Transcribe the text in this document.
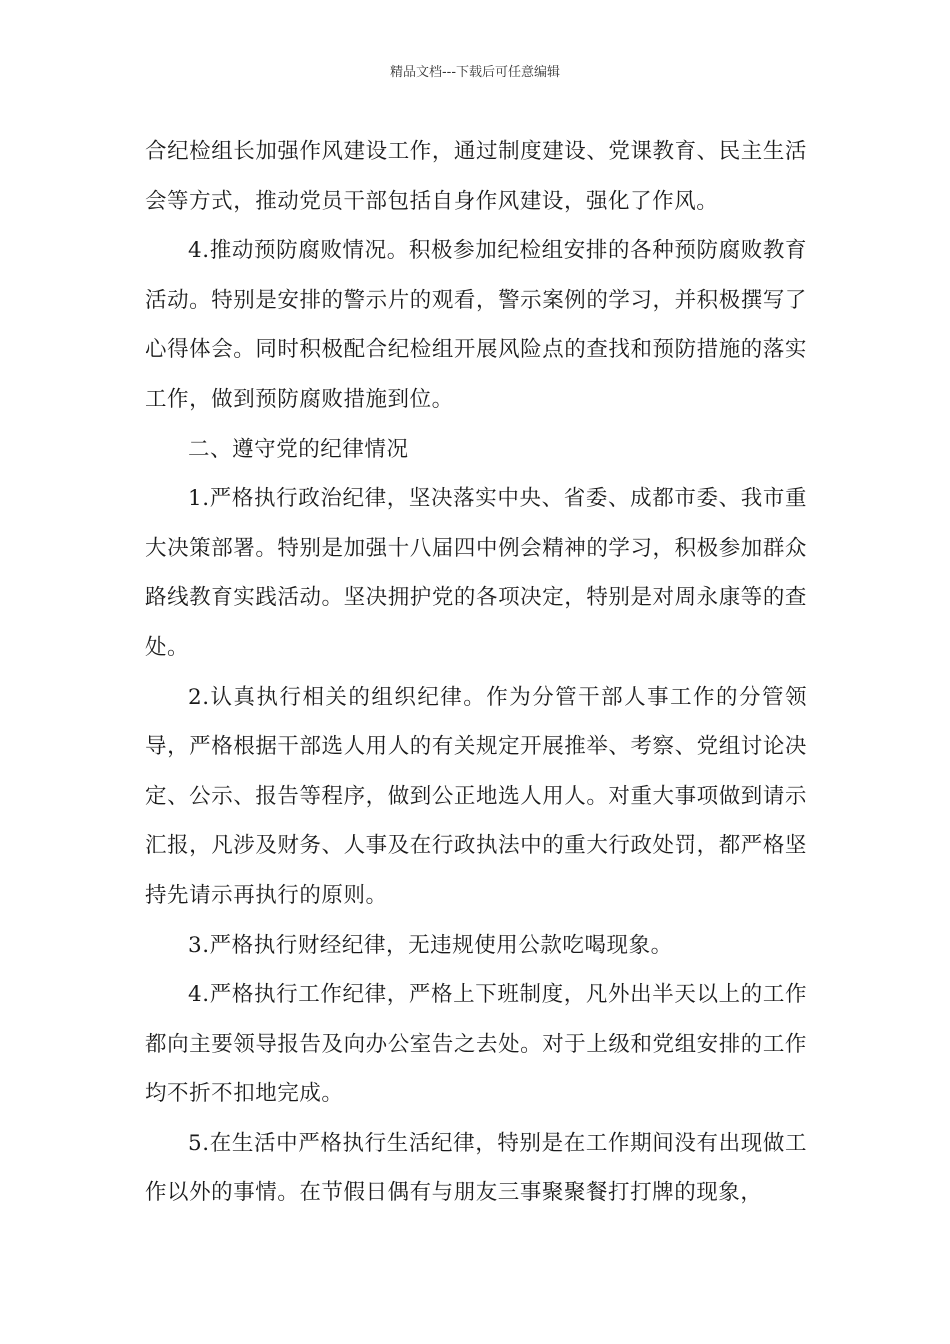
精品文档---下载后可任意编辑

合纪检组长加强作风建设工作，通过制度建设、党课教育、民主生活会等方式，推动党员干部包括自身作风建设，强化了作风。

4.推动预防腐败情况。积极参加纪检组安排的各种预防腐败教育活动。特别是安排的警示片的观看，警示案例的学习，并积极撰写了心得体会。同时积极配合纪检组开展风险点的查找和预防措施的落实工作，做到预防腐败措施到位。

二、遵守党的纪律情况

1.严格执行政治纪律，坚决落实中央、省委、成都市委、我市重大决策部署。特别是加强十八届四中例会精神的学习，积极参加群众路线教育实践活动。坚决拥护党的各项决定，特别是对周永康等的查处。

2.认真执行相关的组织纪律。作为分管干部人事工作的分管领导，严格根据干部选人用人的有关规定开展推举、考察、党组讨论决定、公示、报告等程序，做到公正地选人用人。对重大事项做到请示汇报，凡涉及财务、人事及在行政执法中的重大行政处罚，都严格坚持先请示再执行的原则。

3.严格执行财经纪律，无违规使用公款吃喝现象。

4.严格执行工作纪律，严格上下班制度，凡外出半天以上的工作都向主要领导报告及向办公室告之去处。对于上级和党组安排的工作均不折不扣地完成。

5.在生活中严格执行生活纪律，特别是在工作期间没有出现做工作以外的事情。在节假日偶有与朋友三事聚聚餐打打牌的现象，
